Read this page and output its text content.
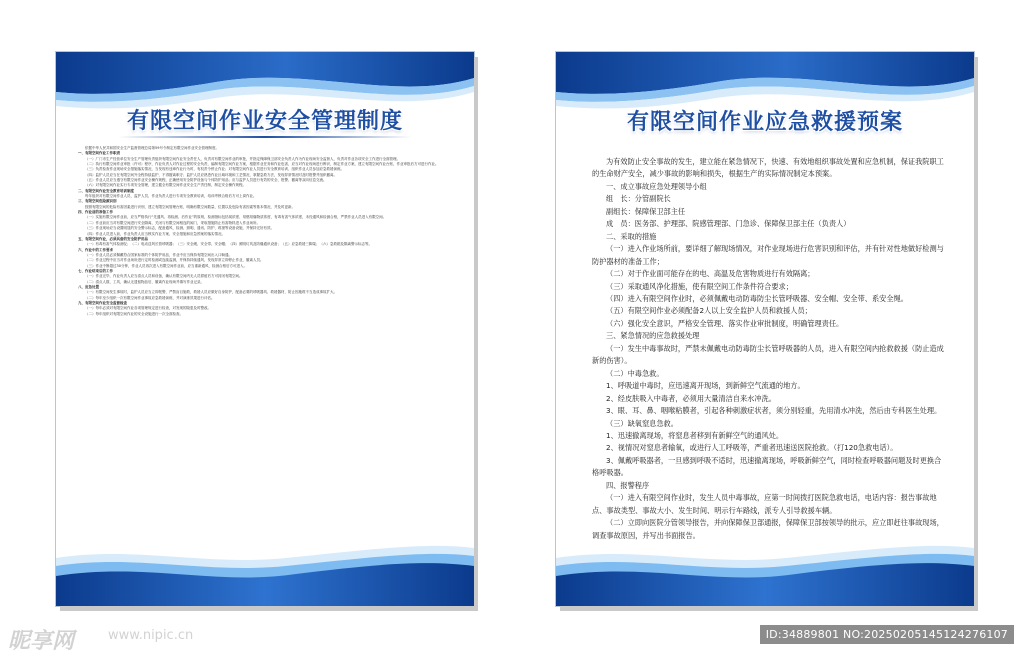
有限空间作业安全管理制度

依据中华人民共和国安全生产监督管理总局第59号令制定有限空间作业安全管理制度。

一、有限空间作业工作职责

（一）厂门市生产经营单位安全生产管理负责组织有限空间作业安全责任人，负责对有限空间作业的审批，并指定保障保卫部安全负责人作为作业现场安全监督人，负责对作业各项安全工作进行全面管理。

（二）执行有限空间作业审批（许可）程序，作业负责人对作业过程的安全负责，编制有限空间作业方案，根据作业任务和作业危害，应当对作业现场进行辨识，制定作业方案，建立有限空间作业台账，作业审批后方可进行作业。

（三）负责检查作业现场安全措施落实情况，当发现有违章作业行为时，有权责令停止作业；对有限空间作业人员进行安全教育培训，组织作业人员参加应急救援演练。

（四）监护人员应当在有限空间外全程持续监护，不得擅离职守；监护人员应熟悉作业区域环境和工艺情况，掌握急救方法，发现异常情况时及时报警并组织撤离。

（五）作业人员应当遵守有限空间作业安全操作规程，正确使用安全防护设备与个体防护用品；应与监护人员进行有效的安全、报警、撤离等双向信息交流。

（六）对有限空间作业实行专项安全管理，建立健全有限空间作业安全生产责任制，制定安全操作规程。

二、有限空间作业安全教育培训制度

每年组织对有限空间作业人员、监护人员、作业负责人进行专项安全教育培训，培训考核合格后方可上岗作业。

三、有限空间危险源识别

按照有限空间的危险有害因素进行识别，建立有限空间管理台账，明确有限空间数量、位置以及危险有害因素等基本情况，并及时更新。

四、作业前的准备工作

（一）实施有限空间作业前，应当严格执行“先通风、再检测、后作业”的原则，检测指标包括氧浓度、易燃易爆物质浓度、有毒有害气体浓度，未经通风和检测合格，严禁作业人员进入有限空间。

（二）作业前应当对有限空间进行安全隔离，关闭与有限空间相连的阀门，采取措施防止有害物料进入作业场所。

（三）作业现场应当设置明显的安全警示标志，配备通风、检测、照明、通讯、防护、救援等设备设施，并保持完好有效。

（四）作业人员进入前，作业负责人应当核实作业方案、安全措施和应急预案的落实情况。

五、有限空间作业，必须具备的安全防护用品

（一）有毒有害气体检测仪；（二）电动送风长管呼吸器；（三）安全绳、安全带、安全帽；（四）照明灯具及防爆通讯设备；（五）应急救援三脚架；（六）急救箱及隔离警示标志等。

六、作业中的工作要求

（一）作业人员必须佩戴符合国家标准的个体防护用品，作业中应当保持有限空间出入口畅通。

（二）作业过程中应当对作业场所进行定时检测或连续监测，并保持持续通风，发现异常立即停止作业，撤离人员。

（三）作业中断超过30分钟，作业人员再次进入有限空间作业前，应当重新通风、检测合格后方可进入。

七、作业结束后的工作

（一）作业完毕，作业负责人应当清点人员和设备，确认有限空间内无人员滞留后方可封闭有限空间。

（二）清点人数、工具，确认无遗留物品后，撤离作业现场并填写作业记录。

八、应急处置

（一）有限空间发生事故时，监护人员应当立即报警，严禁盲目施救，救援人员应做好自身防护，配备必要的呼吸器具、救援器材，防止因施救不当造成事故扩大。

（二）每年至少组织一次有限空间作业事故应急救援演练，并对演练效果进行评估。

九、有限空间作业安全监督检查

（一）每年必须对有限空间作业各项管理规定进行检查，对发现的隐患及时整改。

（二）每年组织对有限空间作业的安全设施进行一次全面检查。

有限空间作业应急救援预案

为有效防止安全事故的发生，建立能在紧急情况下，快速、有效地组织事故处置和应急机制，保证我院职工的生命财产安全，减少事故的影响和损失，根据生产的实际情况制定本预案。

一、成立事故应急处理领导小组

组　长：分管副院长

副组长：保障保卫部主任

成　员：医务部、护理部、院感管理部、门急诊、保障保卫部主任（负责人）

二、采取的措施

（一）进入作业场所前，要详细了解现场情况，对作业现场进行危害识别和评估，并有针对性地做好检测与防护器材的准备工作；

（二）对于作业面可能存在的电、高温及危害物质进行有效隔离；

（三）采取通风净化措施，使有限空间工作条件符合要求；

（四）进入有限空间作业时，必须佩戴电动防毒防尘长管呼吸器、安全帽、安全带、系安全绳。

（五）有限空间作业必须配备2人以上安全监护人员和救援人员；

（六）强化安全意识，严格安全管理、落实作业审批制度，明确管理责任。

三、紧急情况的应急救援处理

（一）发生中毒事故时，严禁未佩戴电动防毒防尘长管呼吸器的人员，进入有限空间内抢救救援（防止造成新的伤害）。

（二）中毒急救。

1、呼吸道中毒时，应迅速离开现场，到新鲜空气流通的地方。

2、经皮肤吸入中毒者，必须用大量清洁自来水冲洗。

3、眼、耳、鼻、咽喉粘膜者，引起各种刺激症状者，须分别轻重，先用清水冲洗，然后由专科医生处理。

（三）缺氧窒息急救。

1、迅速撤离现场，将窒息者移到有新鲜空气的通风处。

2、视情况对窒息者输氧，或进行人工呼吸等，严重者迅速送医院抢救。（打120急救电话）。

3、佩戴呼吸器者，一旦感到呼吸不适时，迅速撤离现场，呼吸新鲜空气，同时检查呼吸器问题及时更换合格呼吸器。

四、报警程序

（一）进入有限空间作业时，发生人员中毒事故，应第一时间拨打医院急救电话，电话内容：报告事故地点、事故类型、事故大小、发生时间、明示行车路线，派专人引导救援车辆。

（二）立即向医院分管领导报告，并向保障保卫部通报，保障保卫部按领导的批示，应立即赶往事故现场，调查事故原因，并写出书面报告。

昵享网	www.nipic.cn	ID:34889801 NO:20250205145124276107
